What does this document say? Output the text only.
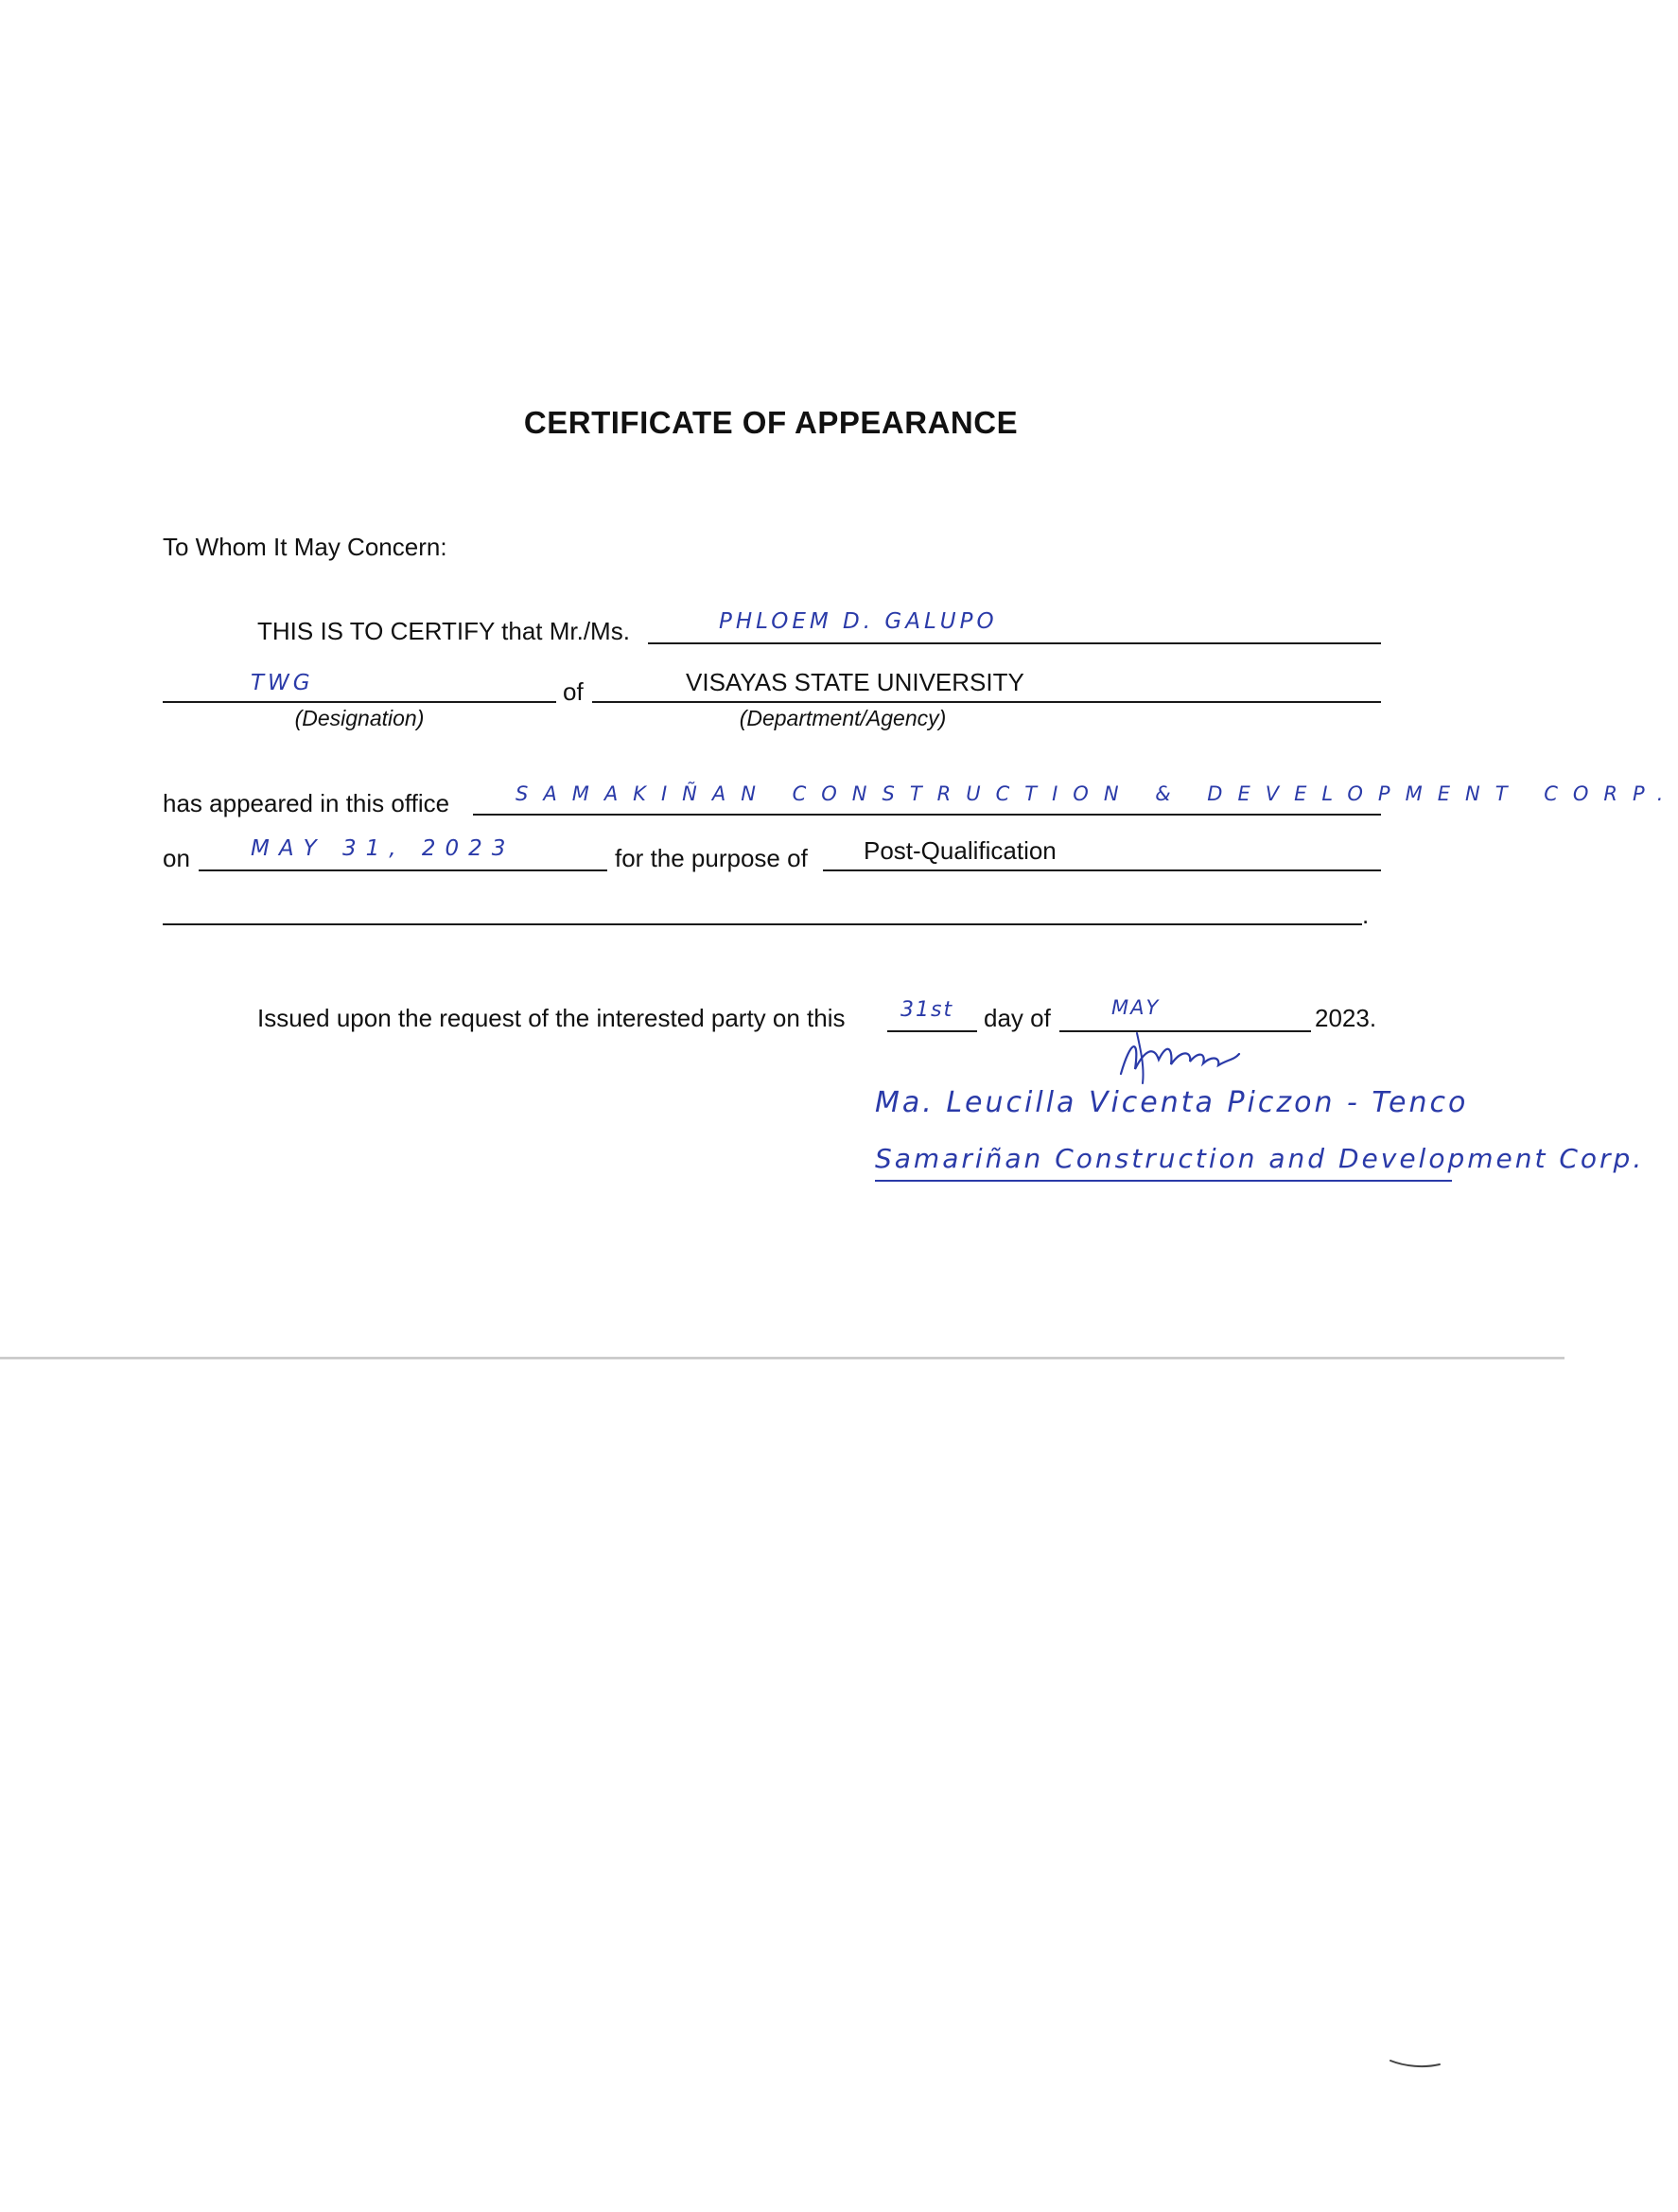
CERTIFICATE OF APPEARANCE
To Whom It May Concern:
THIS IS TO CERTIFY that Mr./Ms.	PHLOEM D. GALUPO
TWG	of	VISAYAS STATE UNIVERSITY
(Designation)	(Department/Agency)
has appeared in this office	SAMAKIÑAN CONSTRUCTION & DEVELOPMENT CORP.
on	MAY 31, 2023	for the purpose of Post-Qualification
.
Issued upon the request of the interested party on this	31st day of	MAY	2023.
Ma. Leucilla Vicenta Piczon - Tenco
Samariñan Construction and Development Corp.
